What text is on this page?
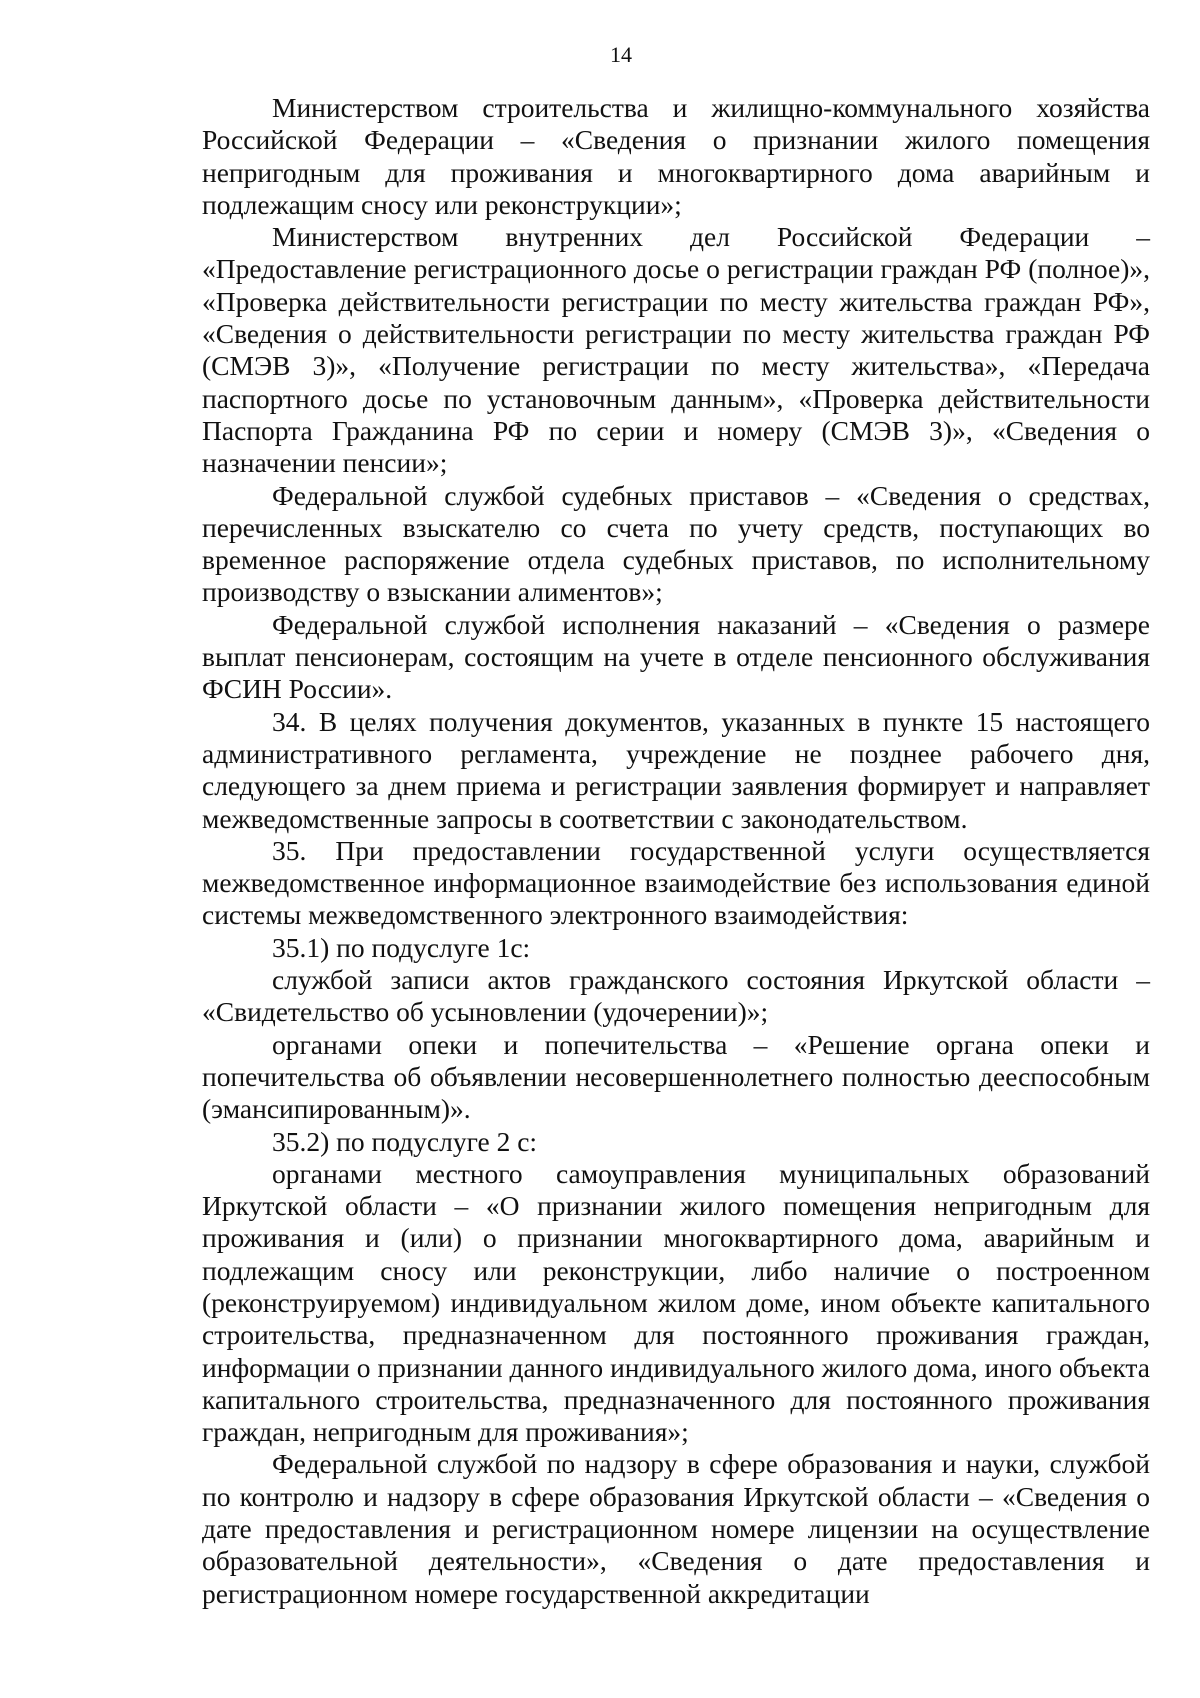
14

Министерством строительства и жилищно-коммунального хозяйства Российской Федерации – «Сведения о признании жилого помещения непригодным для проживания и многоквартирного дома аварийным и подлежащим сносу или реконструкции»;

Министерством внутренних дел Российской Федерации – «Предоставление регистрационного досье о регистрации граждан РФ (полное)», «Проверка действительности регистрации по месту жительства граждан РФ», «Сведения о действительности регистрации по месту жительства граждан РФ (СМЭВ 3)», «Получение регистрации по месту жительства», «Передача паспортного досье по установочным данным», «Проверка действительности Паспорта Гражданина РФ по серии и номеру (СМЭВ 3)», «Сведения о назначении пенсии»;

Федеральной службой судебных приставов – «Сведения о средствах, перечисленных взыскателю со счета по учету средств, поступающих во временное распоряжение отдела судебных приставов, по исполнительному производству о взыскании алиментов»;

Федеральной службой исполнения наказаний – «Сведения о размере выплат пенсионерам, состоящим на учете в отделе пенсионного обслуживания ФСИН России».

34. В целях получения документов, указанных в пункте 15 настоящего административного регламента, учреждение не позднее рабочего дня, следующего за днем приема и регистрации заявления формирует и направляет межведомственные запросы в соответствии с законодательством.

35. При предоставлении государственной услуги осуществляется межведомственное информационное взаимодействие без использования единой системы межведомственного электронного взаимодействия:

35.1) по подуслуге 1с:

службой записи актов гражданского состояния Иркутской области – «Свидетельство об усыновлении (удочерении)»;

органами опеки и попечительства – «Решение органа опеки и попечительства об объявлении несовершеннолетнего полностью дееспособным (эмансипированным)».

35.2) по подуслуге 2 с:

органами местного самоуправления муниципальных образований Иркутской области – «О признании жилого помещения непригодным для проживания и (или) о признании многоквартирного дома, аварийным и подлежащим сносу или реконструкции, либо наличие о построенном (реконструируемом) индивидуальном жилом доме, ином объекте капитального строительства, предназначенном для постоянного проживания граждан, информации о признании данного индивидуального жилого дома, иного объекта капитального строительства, предназначенного для постоянного проживания граждан, непригодным для проживания»;

Федеральной службой по надзору в сфере образования и науки, службой по контролю и надзору в сфере образования Иркутской области – «Сведения о дате предоставления и регистрационном номере лицензии на осуществление образовательной деятельности», «Сведения о дате предоставления и регистрационном номере государственной аккредитации
